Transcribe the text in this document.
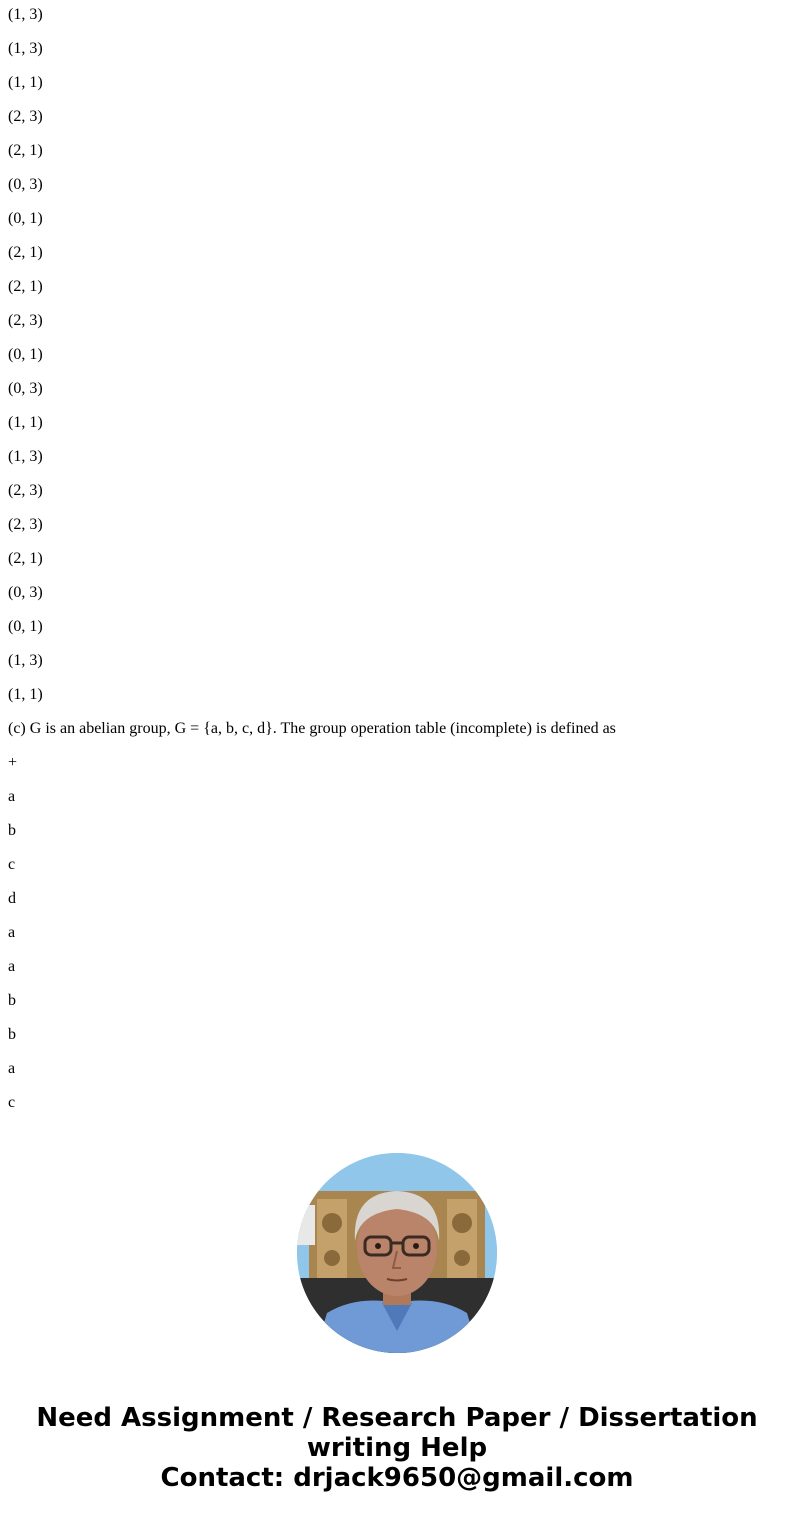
(1, 3)
(1, 3)
(1, 1)
(2, 3)
(2, 1)
(0, 3)
(0, 1)
(2, 1)
(2, 1)
(2, 3)
(0, 1)
(0, 3)
(1, 1)
(1, 3)
(2, 3)
(2, 3)
(2, 1)
(0, 3)
(0, 1)
(1, 3)
(1, 1)
(c) G is an abelian group, G = {a, b, c, d}. The group operation table (incomplete) is defined as
+
a
b
c
d
a
a
b
b
a
c
Need Assignment / Research Paper / Dissertation
writing Help
Contact: drjack9650@gmail.com
